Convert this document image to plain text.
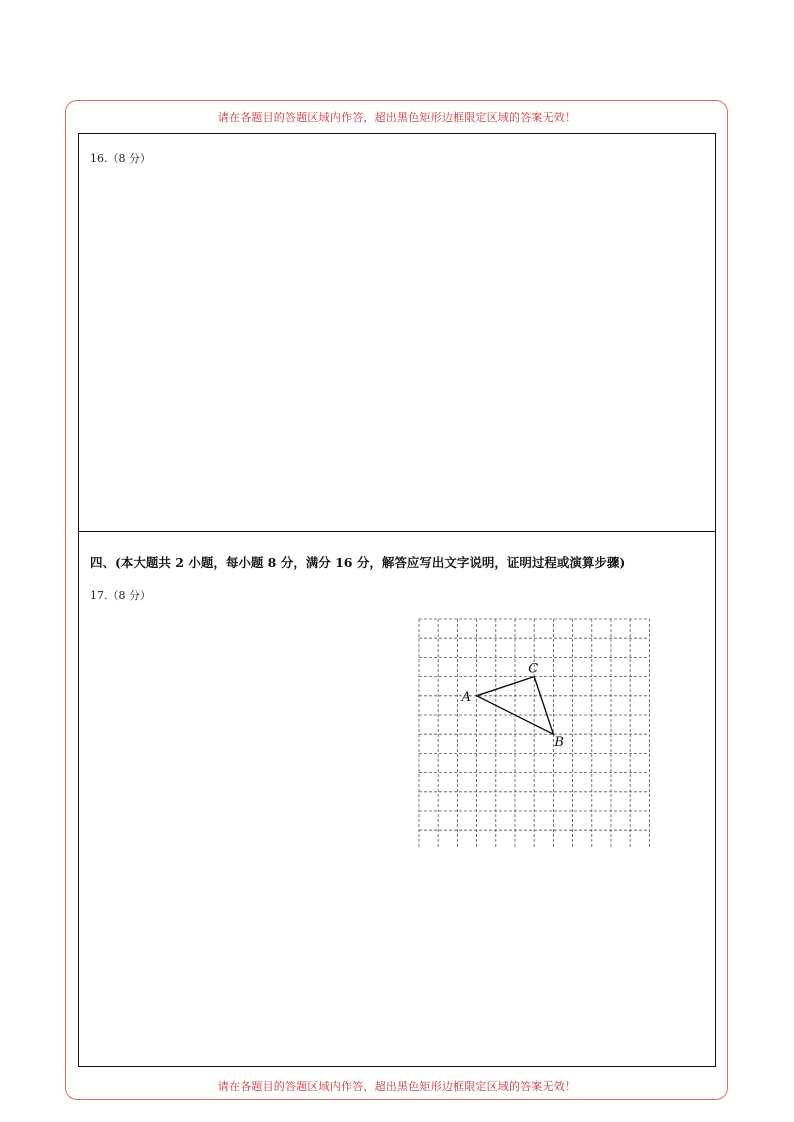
请在各题目的答题区域内作答，超出黑色矩形边框限定区域的答案无效！
16.（8 分）
四、(本大题共 2 小题，每小题 8 分，满分 16 分，解答应写出文字说明，证明过程或演算步骤)
17.（8 分）
A
B
C
请在各题目的答题区域内作答，超出黑色矩形边框限定区域的答案无效！
